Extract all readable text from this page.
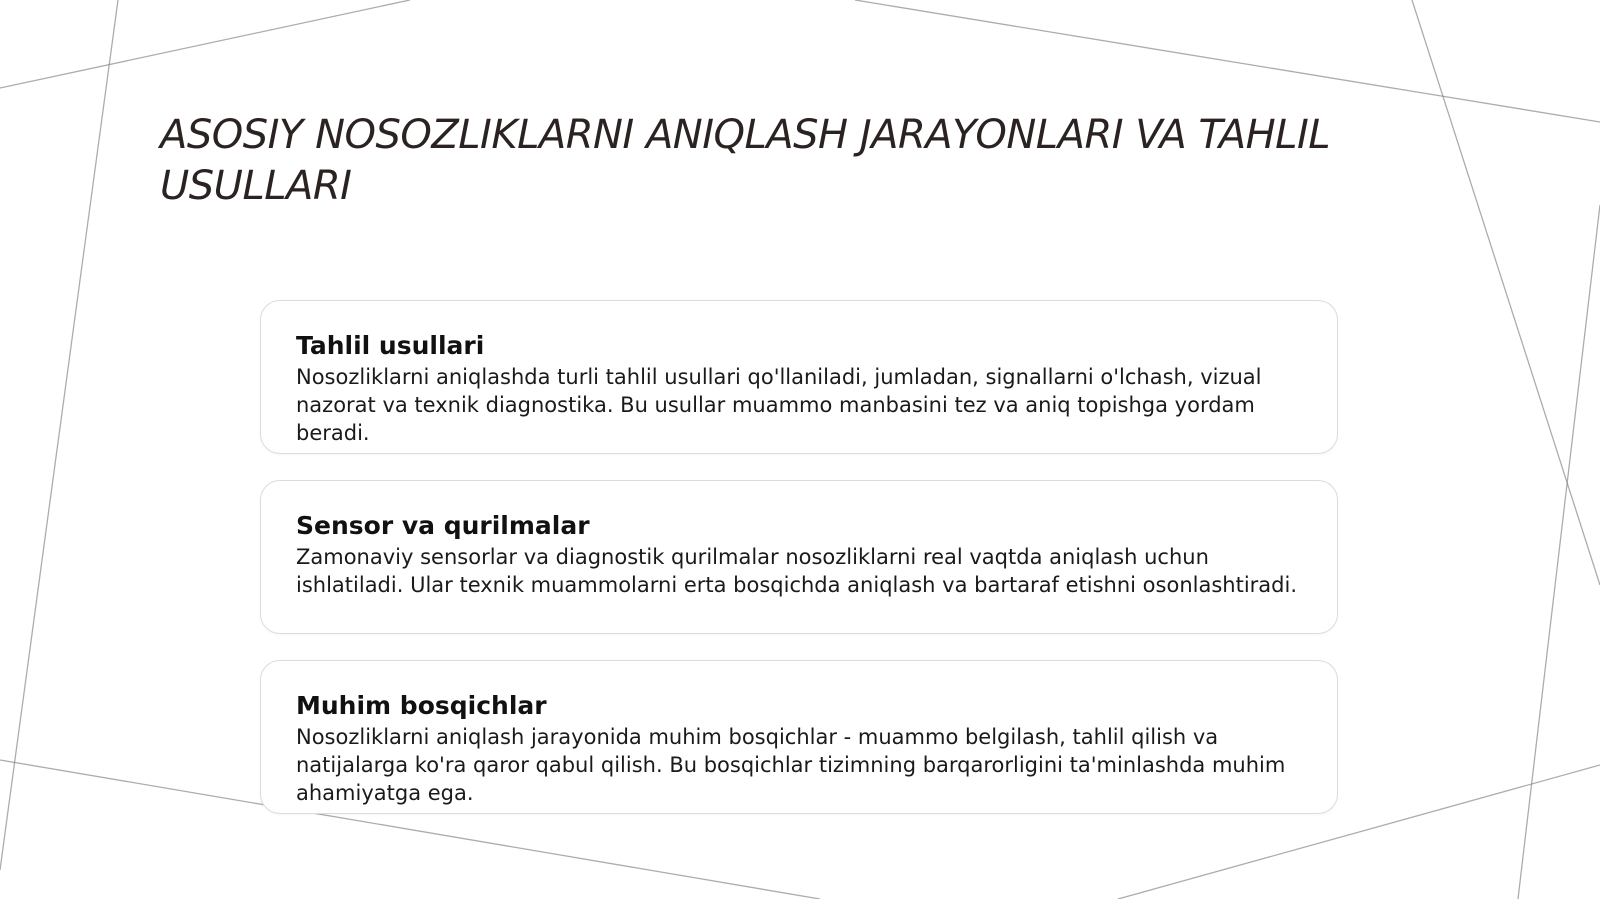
ASOSIY NOSOZLIKLARNI ANIQLASH JARAYONLARI VA TAHLIL USULLARI
Tahlil usullari

Nosozliklarni aniqlashda turli tahlil usullari qo'llaniladi, jumladan, signallarni o'lchash, vizual nazorat va texnik diagnostika. Bu usullar muammo manbasini tez va aniq topishga yordam beradi.

Sensor va qurilmalar

Zamonaviy sensorlar va diagnostik qurilmalar nosozliklarni real vaqtda aniqlash uchun ishlatiladi. Ular texnik muammolarni erta bosqichda aniqlash va bartaraf etishni osonlashtiradi.

Muhim bosqichlar

Nosozliklarni aniqlash jarayonida muhim bosqichlar - muammo belgilash, tahlil qilish va natijalarga ko'ra qaror qabul qilish. Bu bosqichlar tizimning barqarorligini ta'minlashda muhim ahamiyatga ega.
